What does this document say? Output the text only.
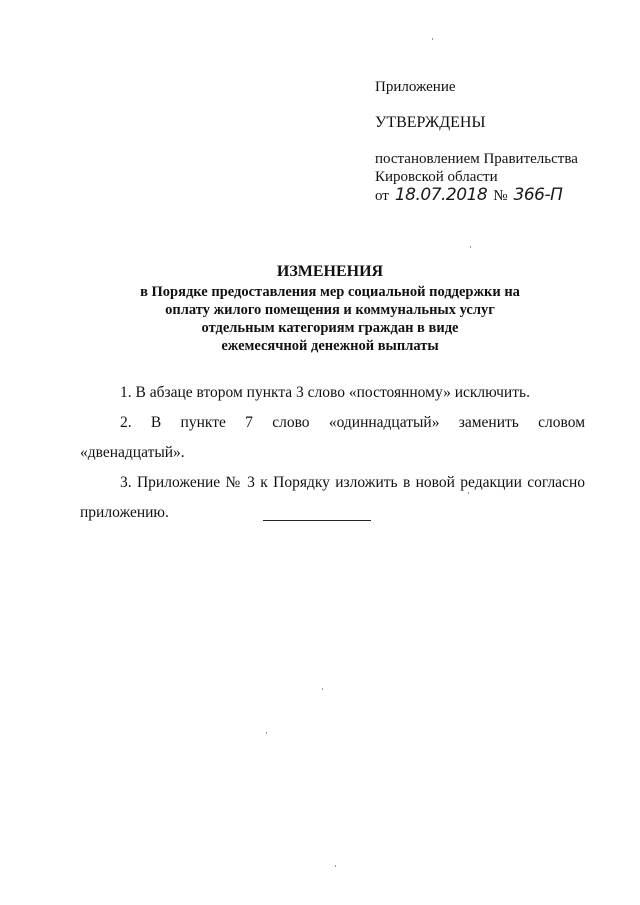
Приложение
УТВЕРЖДЕНЫ
постановлением Правительства
Кировской области
от 18.07.2018 № 366-П
ИЗМЕНЕНИЯ
в Порядке предоставления мер социальной поддержки на
оплату жилого помещения и коммунальных услуг
отдельным категориям граждан в виде
ежемесячной денежной выплаты

1. В абзаце втором пункта 3 слово «постоянному» исключить.

2. В пункте 7 слово «одиннадцатый» заменить словом «двенадцатый».

3. Приложение № 3 к Порядку изложить в новой редакции согласно приложению.
